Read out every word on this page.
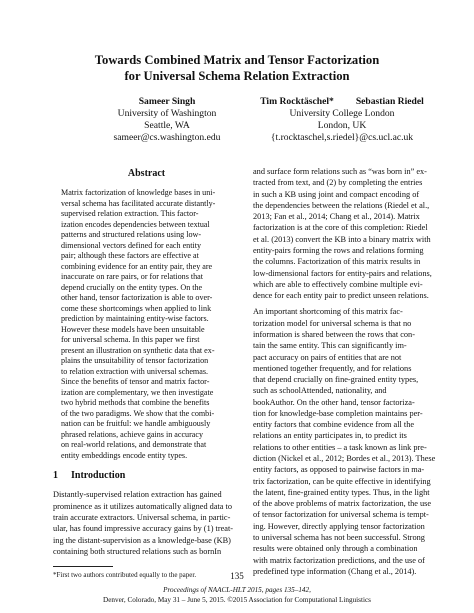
Towards Combined Matrix and Tensor Factorization
for Universal Schema Relation Extraction
Sameer Singh
University of Washington
Seattle, WA
sameer@cs.washington.edu
Tim Rocktäschel* Sebastian Riedel
University College London
London, UK
{t.rocktaschel,s.riedel}@cs.ucl.ac.uk
Abstract
Matrix factorization of knowledge bases in uni-
versal schema has facilitated accurate distantly-
supervised relation extraction. This factor-
ization encodes dependencies between textual
patterns and structured relations using low-
dimensional vectors defined for each entity
pair; although these factors are effective at
combining evidence for an entity pair, they are
inaccurate on rare pairs, or for relations that
depend crucially on the entity types. On the
other hand, tensor factorization is able to over-
come these shortcomings when applied to link
prediction by maintaining entity-wise factors.
However these models have been unsuitable
for universal schema. In this paper we first
present an illustration on synthetic data that ex-
plains the unsuitability of tensor factorization
to relation extraction with universal schemas.
Since the benefits of tensor and matrix factor-
ization are complementary, we then investigate
two hybrid methods that combine the benefits
of the two paradigms. We show that the combi-
nation can be fruitful: we handle ambiguously
phrased relations, achieve gains in accuracy
on real-world relations, and demonstrate that
entity embeddings encode entity types.
1 Introduction
Distantly-supervised relation extraction has gained
prominence as it utilizes automatically aligned data to
train accurate extractors. Universal schema, in partic-
ular, has found impressive accuracy gains by (1) treat-
ing the distant-supervision as a knowledge-base (KB)
containing both structured relations such as bornIn
and surface form relations such as “was born in” ex-
tracted from text, and (2) by completing the entries
in such a KB using joint and compact encoding of
the dependencies between the relations (Riedel et al.,
2013; Fan et al., 2014; Chang et al., 2014). Matrix
factorization is at the core of this completion: Riedel
et al. (2013) convert the KB into a binary matrix with
entity-pairs forming the rows and relations forming
the columns. Factorization of this matrix results in
low-dimensional factors for entity-pairs and relations,
which are able to effectively combine multiple evi-
dence for each entity pair to predict unseen relations.
An important shortcoming of this matrix fac-
torization model for universal schema is that no
information is shared between the rows that con-
tain the same entity. This can significantly im-
pact accuracy on pairs of entities that are not
mentioned together frequently, and for relations
that depend crucially on fine-grained entity types,
such as schoolAttended, nationality, and
bookAuthor. On the other hand, tensor factoriza-
tion for knowledge-base completion maintains per-
entity factors that combine evidence from all the
relations an entity participates in, to predict its
relations to other entities – a task known as link pre-
diction (Nickel et al., 2012; Bordes et al., 2013). These
entity factors, as opposed to pairwise factors in ma-
trix factorization, can be quite effective in identifying
the latent, fine-grained entity types. Thus, in the light
of the above problems of matrix factorization, the use
of tensor factorization for universal schema is tempt-
ing. However, directly applying tensor factorization
to universal schema has not been successful. Strong
results were obtained only through a combination
with matrix factorization predictions, and the use of
predefined type information (Chang et al., 2014).
*First two authors contributed equally to the paper.	135
Proceedings of NAACL-HLT 2015, pages 135–142,
Denver, Colorado, May 31 – June 5, 2015. ©2015 Association for Computational Linguistics
